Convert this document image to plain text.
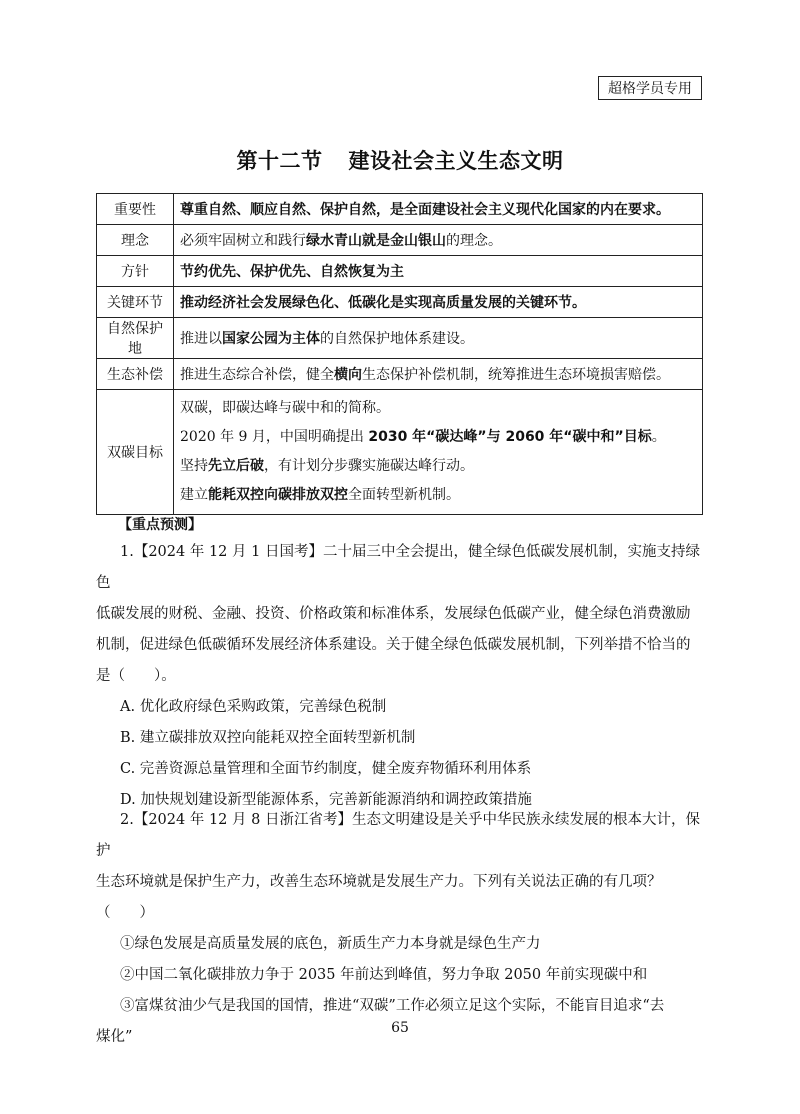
超格学员专用
第十二节 建设社会主义生态文明
重要性	尊重自然、顺应自然、保护自然，是全面建设社会主义现代化国家的内在要求。
理念	必须牢固树立和践行绿水青山就是金山银山的理念。
方针	节约优先、保护优先、自然恢复为主
关键环节	推动经济社会发展绿色化、低碳化是实现高质量发展的关键环节。
自然保护地	推进以国家公园为主体的自然保护地体系建设。
生态补偿	推进生态综合补偿，健全横向生态保护补偿机制，统筹推进生态环境损害赔偿。
双碳目标	双碳，即碳达峰与碳中和的简称。
2020 年 9 月，中国明确提出 2030 年“碳达峰”与 2060 年“碳中和”目标。
坚持先立后破，有计划分步骤实施碳达峰行动。
建立能耗双控向碳排放双控全面转型新机制。
【重点预测】
1.【2024 年 12 月 1 日国考】二十届三中全会提出，健全绿色低碳发展机制，实施支持绿色
低碳发展的财税、金融、投资、价格政策和标准体系，发展绿色低碳产业，健全绿色消费激励
机制，促进绿色低碳循环发展经济体系建设。关于健全绿色低碳发展机制，下列举措不恰当的
是（　　）。
A. 优化政府绿色采购政策，完善绿色税制
B. 建立碳排放双控向能耗双控全面转型新机制
C. 完善资源总量管理和全面节约制度，健全废弃物循环利用体系
D. 加快规划建设新型能源体系，完善新能源消纳和调控政策措施
2.【2024 年 12 月 8 日浙江省考】生态文明建设是关乎中华民族永续发展的根本大计，保护
生态环境就是保护生产力，改善生态环境就是发展生产力。下列有关说法正确的有几项？（　　）
①绿色发展是高质量发展的底色，新质生产力本身就是绿色生产力
②中国二氧化碳排放力争于 2035 年前达到峰值，努力争取 2050 年前实现碳中和
③富煤贫油少气是我国的国情，推进“双碳”工作必须立足这个实际，不能盲目追求“去
煤化”
65
